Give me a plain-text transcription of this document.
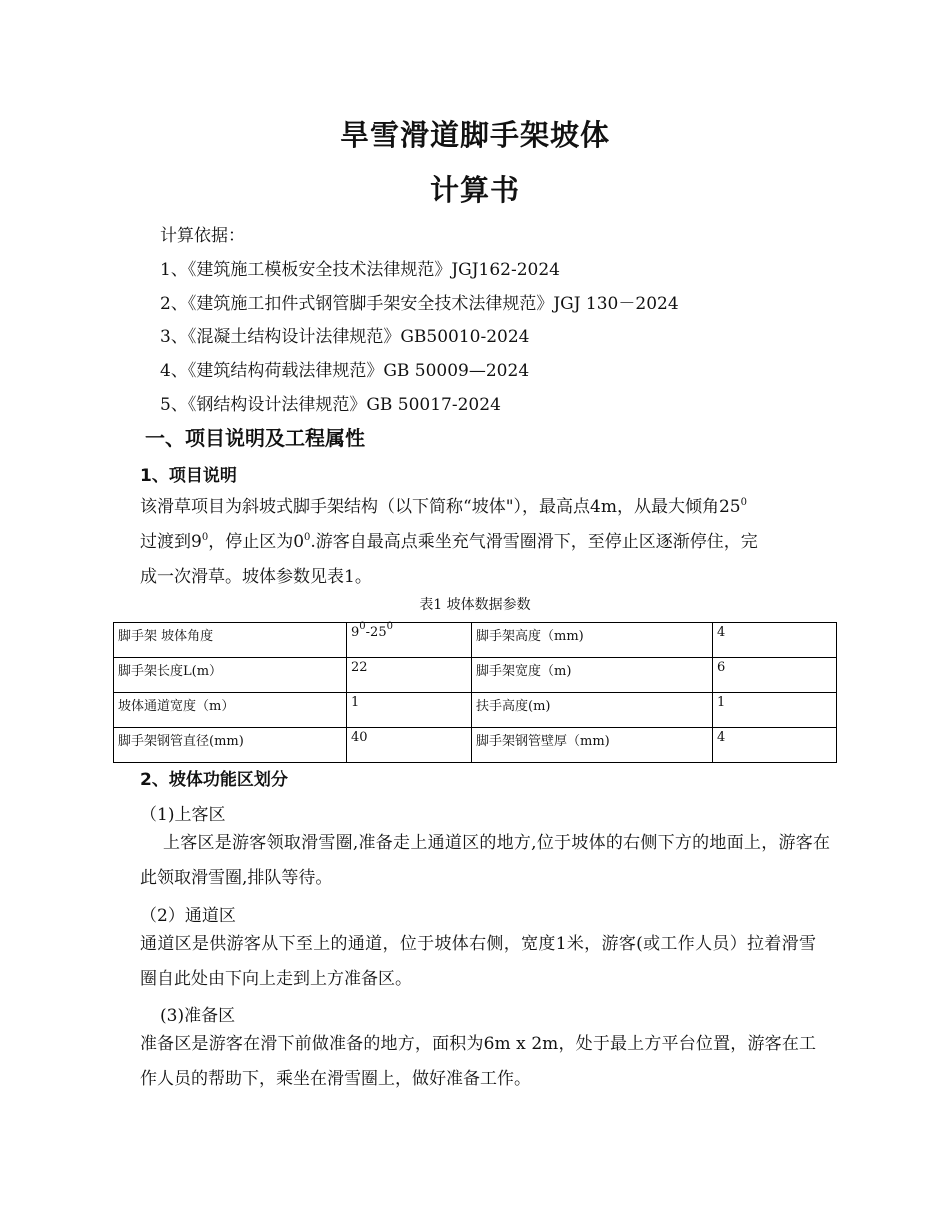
旱雪滑道脚手架坡体
计算书
计算依据：
1、《建筑施工模板安全技术法律规范》JGJ162-2024
2、《建筑施工扣件式钢管脚手架安全技术法律规范》JGJ 130－2024
3、《混凝土结构设计法律规范》GB50010-2024
4、《建筑结构荷载法律规范》GB 50009—2024
5、《钢结构设计法律规范》GB 50017-2024
一、项目说明及工程属性
1、项目说明
该滑草项目为斜坡式脚手架结构（以下简称“坡体"），最高点4m，从最大倾角$25^0$
过渡到$9^0$，停止区为$0^0$.游客自最高点乘坐充气滑雪圈滑下，至停止区逐渐停住，完
成一次滑草。坡体参数见表1。
表1 坡体数据参数
脚手架 坡体角度	$9^0-25^0$	脚手架高度（mm)	4
脚手架长度L(m）	22	脚手架宽度（m)	6
坡体通道宽度（m）	1	扶手高度(m)	1
脚手架钢管直径(mm)	40	脚手架钢管壁厚（mm)	4
2、坡体功能区划分
（1)上客区
上客区是游客领取滑雪圈,准备走上通道区的地方,位于坡体的右侧下方的地面上，游客在此领取滑雪圈,排队等待。
（2）通道区
通道区是供游客从下至上的通道，位于坡体右侧，宽度1米，游客(或工作人员）拉着滑雪圈自此处由下向上走到上方准备区。
(3)准备区
准备区是游客在滑下前做准备的地方，面积为6m x 2m，处于最上方平台位置，游客在工作人员的帮助下，乘坐在滑雪圈上，做好准备工作。
